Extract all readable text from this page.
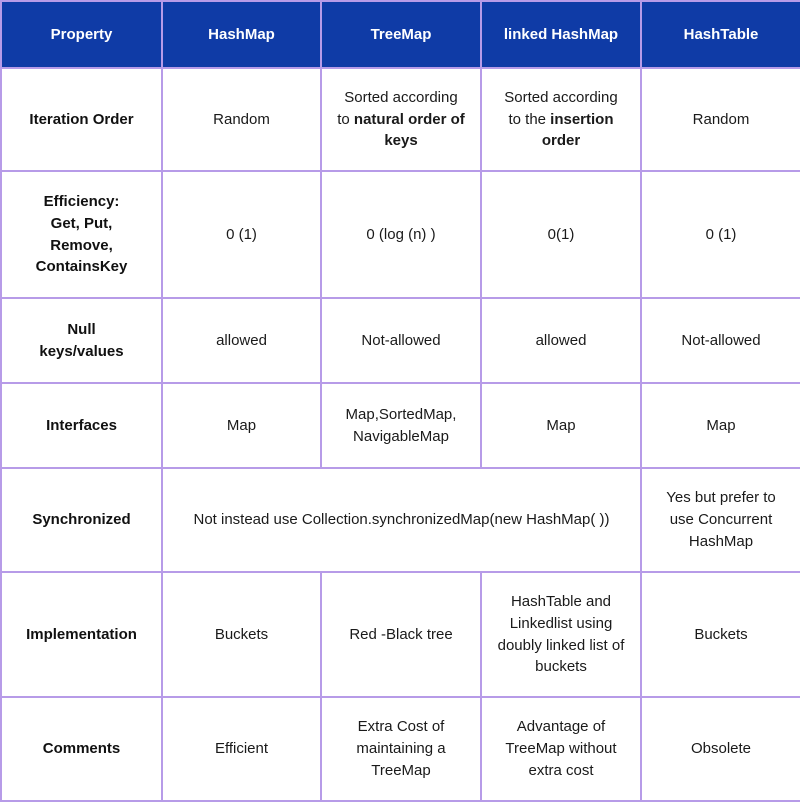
Property	HashMap	TreeMap	linked HashMap	HashTable
Iteration Order	Random	Sorted according to natural order of keys	Sorted according to the insertion order	Random
Efficiency:
Get, Put,
Remove,
ContainsKey	0 (1)	0 (log (n) )	0(1)	0 (1)
Null
keys/values	allowed	Not-allowed	allowed	Not-allowed
Interfaces	Map	Map,SortedMap, NavigableMap	Map	Map
Synchronized	Not instead use Collection.synchronizedMap(new HashMap( ))			Yes but prefer to use Concurrent HashMap
Implementation	Buckets	Red -Black tree	HashTable and Linkedlist using doubly linked list of buckets	Buckets
Comments	Efficient	Extra Cost of maintaining a TreeMap	Advantage of TreeMap without extra cost	Obsolete
